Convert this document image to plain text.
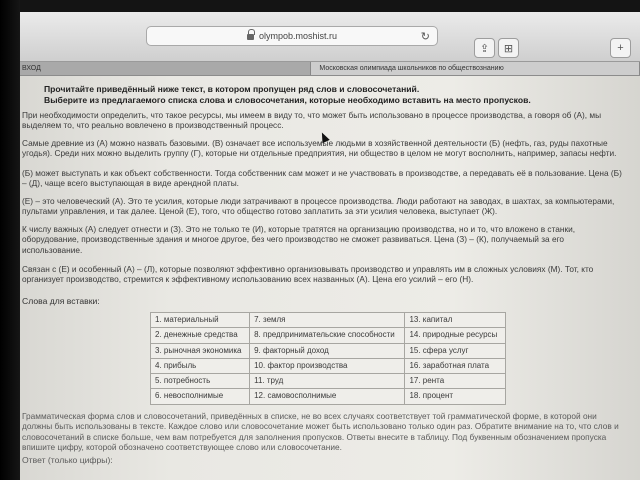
⇪ ⊞	+
olympob.moshist.ru	↻
ВХОД	Московская олимпиада школьников по обществознанию
Прочитайте приведённый ниже текст, в котором пропущен ряд слов и словосочетаний.
Выберите из предлагаемого списка слова и словосочетания, которые необходимо вставить на место пропусков.
При необходимости определить, что такое ресурсы, мы имеем в виду то, что может быть использовано в процессе производства, а говоря об (А), мы выделяем то, что реально вовлечено в производственный процесс.
Самые древние из (А) можно назвать базовыми. (В) означает все используемые людьми в хозяйственной деятельности (Б) (нефть, газ, руды пахотные угодья). Среди них можно выделить группу (Г), которые ни отдельные предприятия, ни общество в целом не могут восполнить, например, запасы нефти.
(Б) может выступать и как объект собственности. Тогда собственник сам может и не участвовать в производстве, а передавать её в пользование. Цена (Б) – (Д), чаще всего выступающая в виде арендной платы.
(Е) – это человеческий (А). Это те усилия, которые люди затрачивают в процессе производства. Люди работают на заводах, в шахтах, за компьютерами, пультами управления, и так далее. Ценой (Е), того, что общество готово заплатить за эти усилия человека, выступает (Ж).
К числу важных (А) следует отнести и (З). Это не только те (И), которые тратятся на организацию производства, но и то, что вложено в станки, оборудование, производственные здания и многое другое, без чего производство не сможет развиваться. Цена (З) – (К), получаемый за его использование.
Связан с (Е) и особенный (А) – (Л), которые позволяют эффективно организовывать производство и управлять им в сложных условиях (М). Тот, кто организует производство, стремится к эффективному использованию всех названных (А). Цена его усилий – его (Н).
Слова для вставки:
1. материальный	7. земля	13. капитал
2. денежные средства	8. предпринимательские способности	14. природные ресурсы
3. рыночная экономика	9. факторный доход	15. сфера услуг
4. прибыль	10. фактор производства	16. заработная плата
5. потребность	11. труд	17. рента
6. невосполнимые	12. самовосполнимые	18. процент
Грамматическая форма слов и словосочетаний, приведённых в списке, не во всех случаях соответствует той грамматической форме, в которой они должны быть использованы в тексте. Каждое слово или словосочетание может быть использовано только один раз. Обратите внимание на то, что слов и словосочетаний в списке больше, чем вам потребуется для заполнения пропусков. Ответы внесите в таблицу. Под буквенным обозначением пропуска впишите цифру, которой обозначено соответствующее слово или словосочетание.
Ответ (только цифры):
